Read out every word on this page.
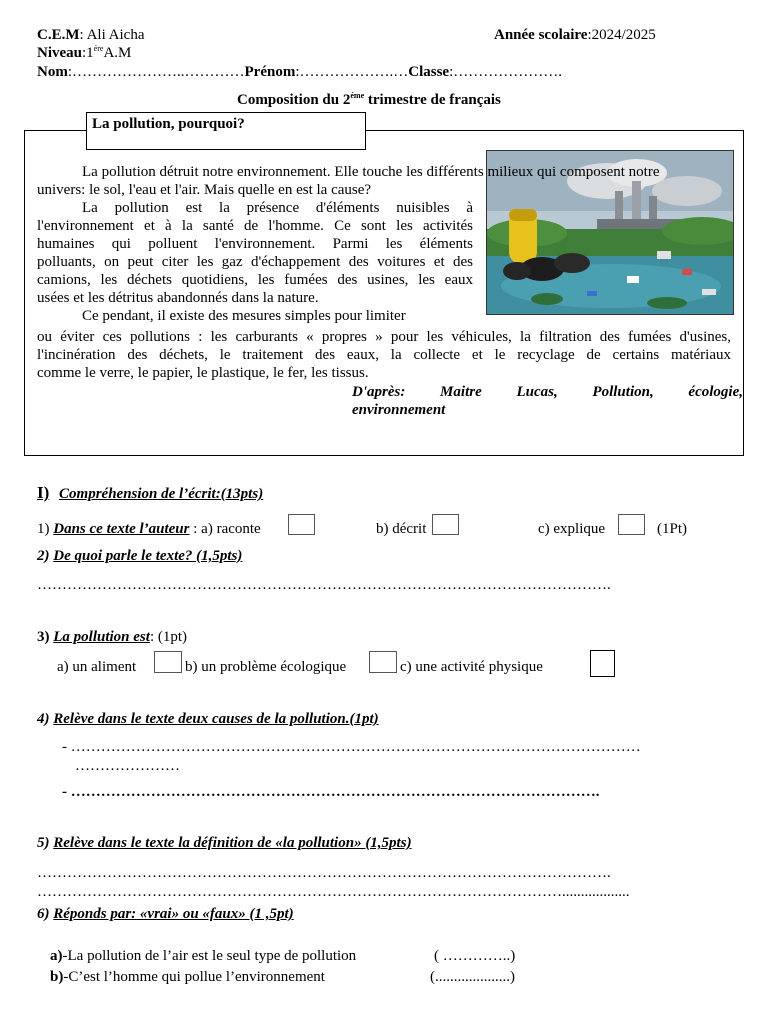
C.E.M: Ali Aicha	Année scolaire:2024/2025
$Niveau:1^{ére}A.M$
Nom:…………………..…………Prénom:……………….…Classe:………………….
Composition du $2^{éme}$ trimestre de français
La pollution, pourquoi?
La pollution détruit notre environnement. Elle touche les différents milieux qui composent notre
univers: le sol, l'eau et l'air. Mais quelle en est la cause?
La pollution est la présence d'éléments nuisibles à
l'environnement et à la santé de l'homme. Ce sont les activités
humaines qui polluent l'environnement. Parmi les éléments
polluants, on peut citer les gaz d'échappement des voitures et des
camions, les déchets quotidiens, les fumées des usines, les eaux
usées et les détritus abandonnés dans la nature.
Ce pendant, il existe des mesures simples pour limiter
ou éviter ces pollutions : les carburants « propres » pour les véhicules, la filtration des fumées d'usines,
l'incinération des déchets, le traitement des eaux, la collecte et le recyclage de certains matériaux
comme le verre, le papier, le plastique, le fer, les tissus.
D'après: Maitre Lucas, Pollution, écologie,
environnement
I) Compréhension de l’écrit:(13pts)
1) Dans ce texte l’auteur : a) raconte	b) décrit	c) explique	(1Pt)
2) De quoi parle le texte? (1,5pts)
…………………………………………………………………………………………………….
3) La pollution est: (1pt)
a) un aliment	b) un problème écologique	c) une activité physique
4) Relève dans le texte deux causes de la pollution.(1pt)
- ……………………………………………………………………………………………………
…………………
- …………………………………………………………………………………………….
5) Relève dans le texte la définition de «la pollution» (1,5pts)
…………………………………………………………………………………………………….
……………………………………………………………………………………………..................
6) Réponds par: «vrai» ou «faux» (1 ,5pt)
a)-La pollution de l’air est le seul type de pollution	( …………..)
b)-C’est l’homme qui pollue l’environnement	(....................)
